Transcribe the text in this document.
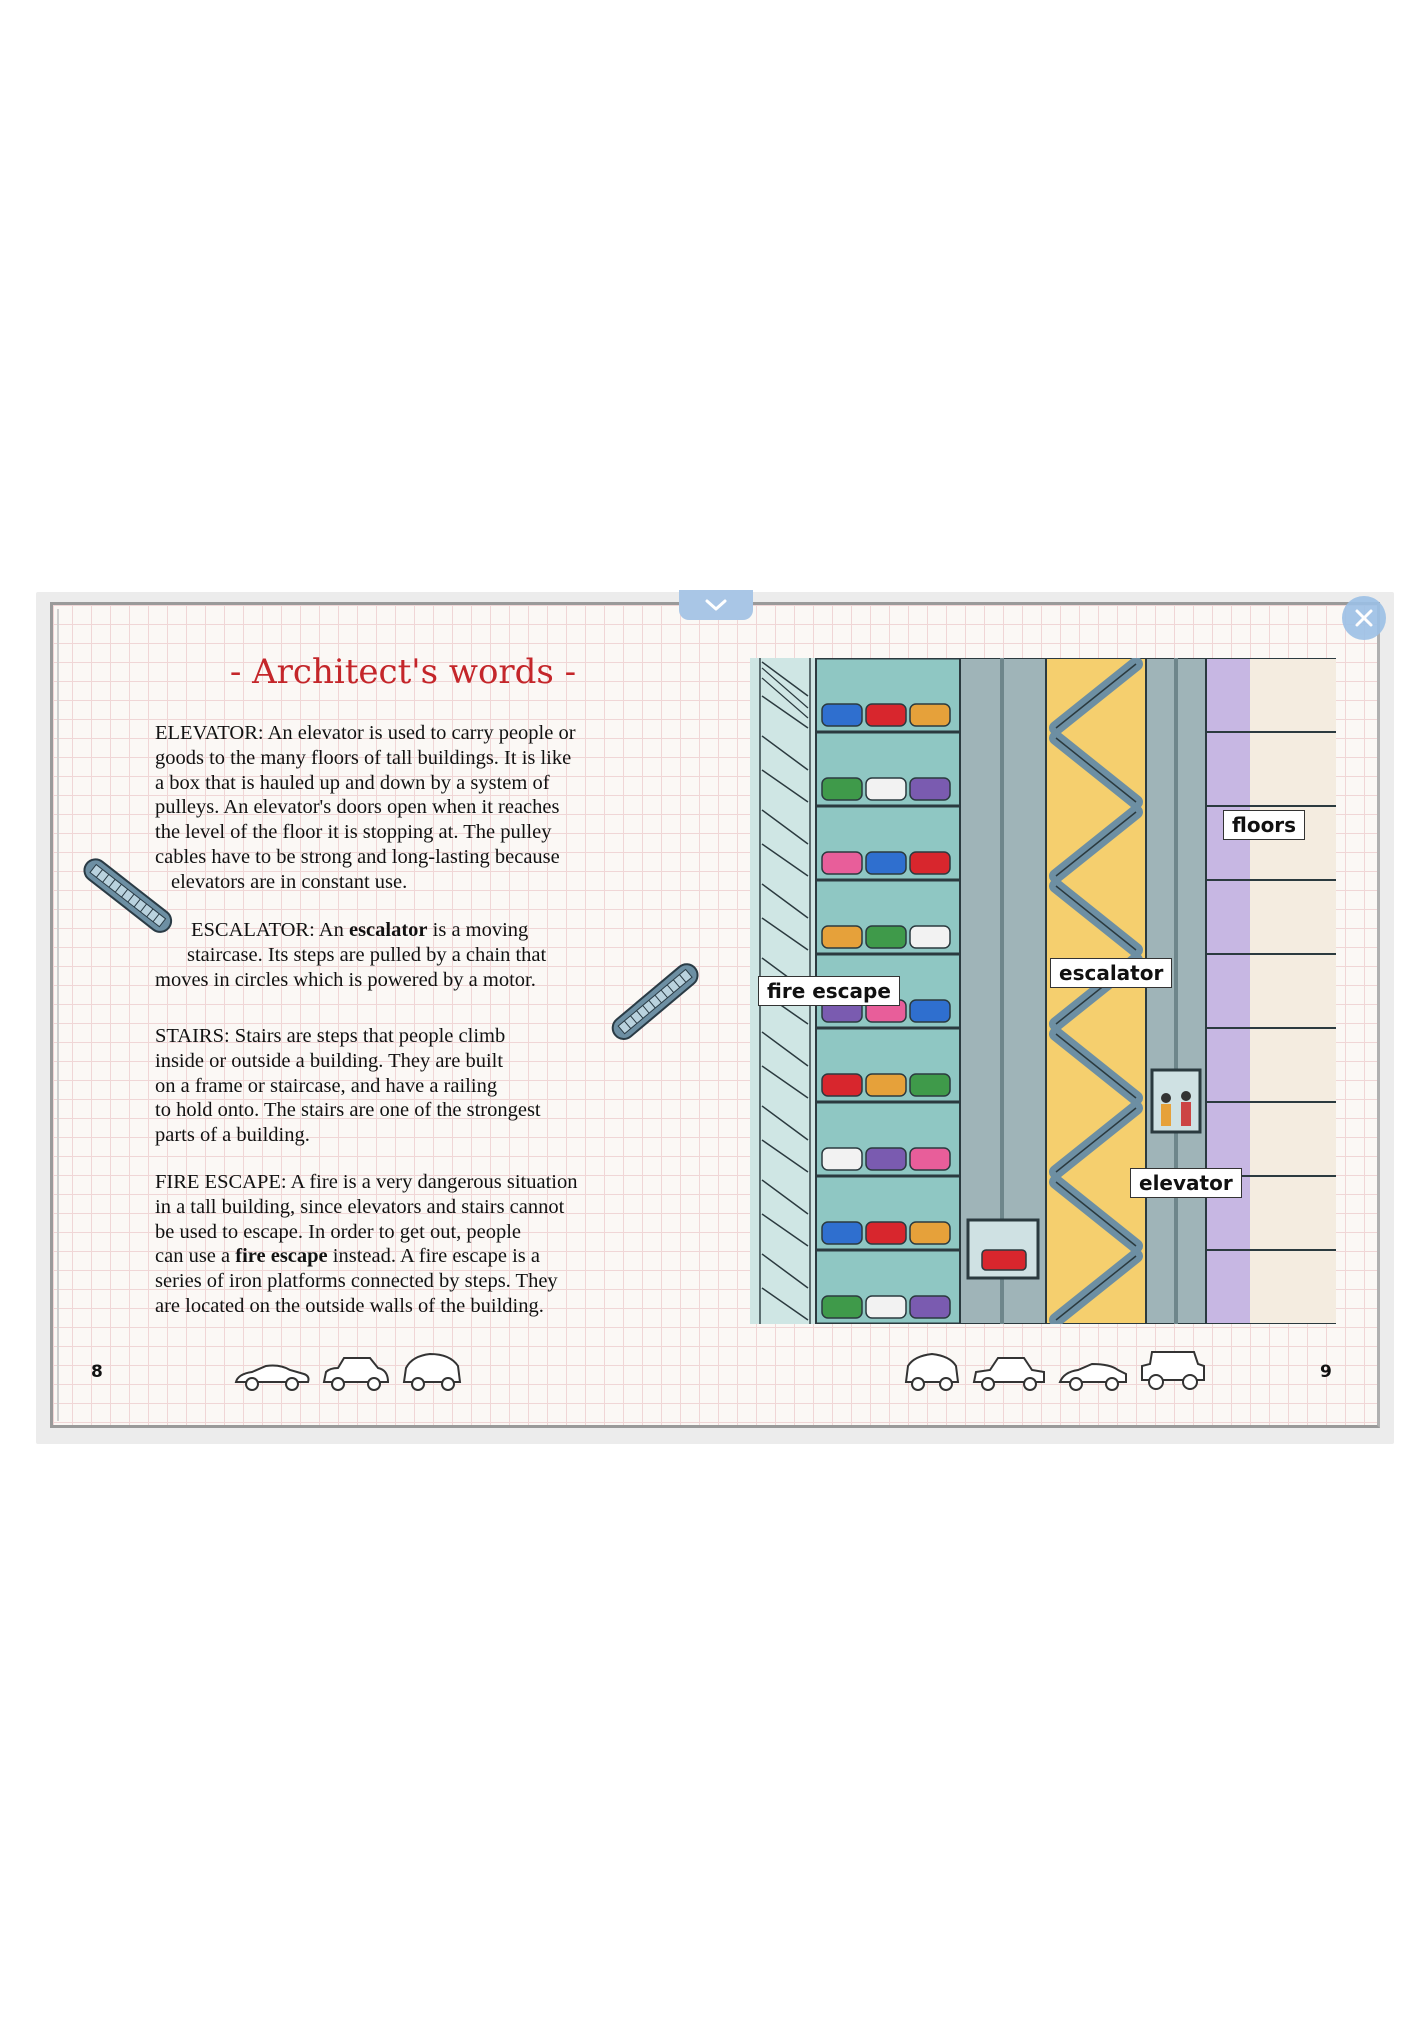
- Architect's words -

ELEVATOR: An elevator is used to carry people or
goods to the many floors of tall buildings. It is like
a box that is hauled up and down by a system of
pulleys. An elevator's doors open when it reaches
the level of the floor it is stopping at. The pulley
cables have to be strong and long-lasting because
elevators are in constant use.

ESCALATOR: An escalator is a moving
staircase. Its steps are pulled by a chain that
moves in circles which is powered by a motor.

STAIRS: Stairs are steps that people climb
inside or outside a building. They are built
on a frame or staircase, and have a railing
to hold onto. The stairs are one of the strongest
parts of a building.

FIRE ESCAPE: A fire is a very dangerous situation
in a tall building, since elevators and stairs cannot
be used to escape. In order to get out, people
can use a fire escape instead. A fire escape is a
series of iron platforms connected by steps. They
are located on the outside walls of the building.

8
floors
fire escape
escalator
elevator
9
